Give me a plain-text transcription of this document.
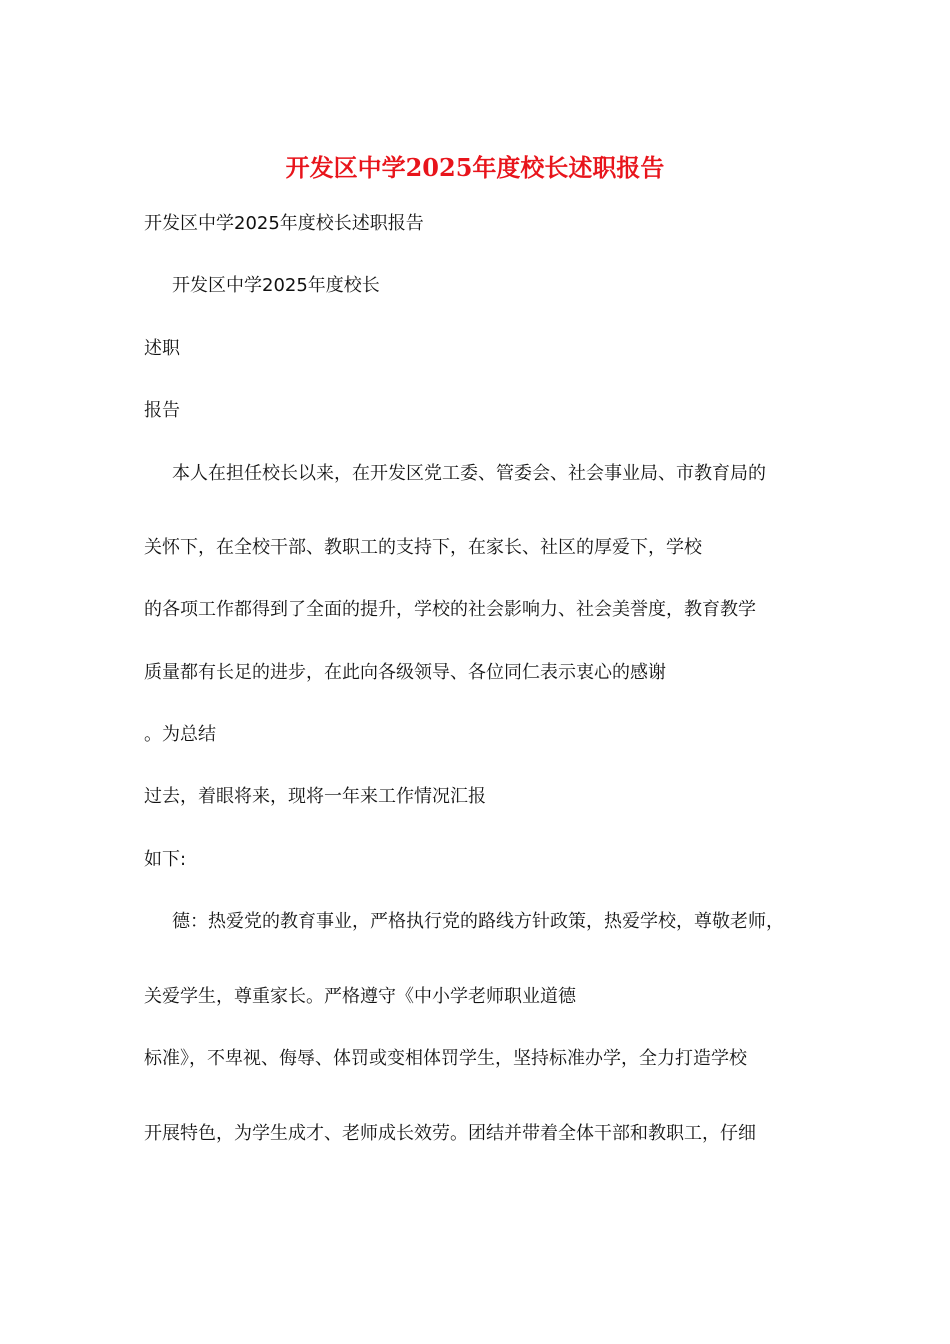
开发区中学2025年度校长述职报告

开发区中学2025年度校长述职报告

开发区中学2025年度校长

述职

报告

本人在担任校长以来，在开发区党工委、管委会、社会事业局、市教育局的

关怀下，在全校干部、教职工的支持下，在家长、社区的厚爱下，学校

的各项工作都得到了全面的提升，学校的社会影响力、社会美誉度，教育教学

质量都有长足的进步，在此向各级领导、各位同仁表示衷心的感谢

。为总结

过去，着眼将来，现将一年来工作情况汇报

如下:

德：热爱党的教育事业，严格执行党的路线方针政策，热爱学校，尊敬老师，

关爱学生，尊重家长。严格遵守《中小学老师职业道德

标准》，不卑视、侮辱、体罚或变相体罚学生，坚持标准办学，全力打造学校

开展特色，为学生成才、老师成长效劳。团结并带着全体干部和教职工，仔细
